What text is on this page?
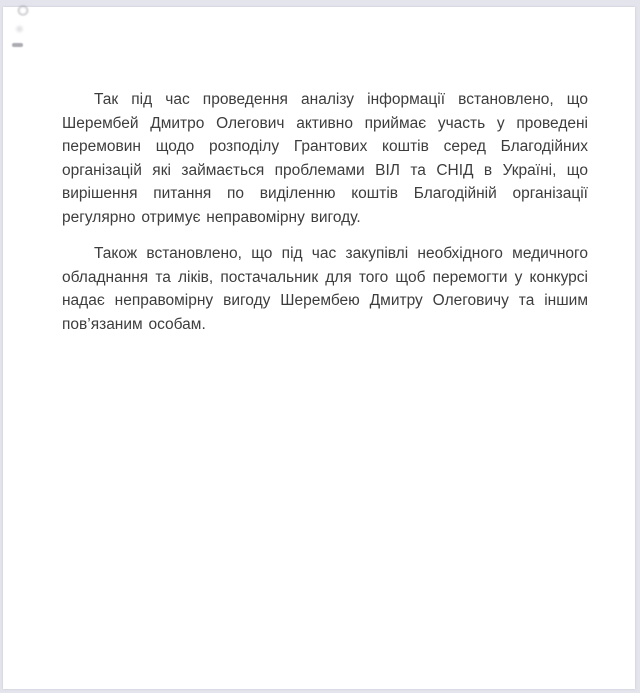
Так під час проведення аналізу інформації встановлено, що Шерембей Дмитро Олегович активно приймає участь у проведені перемовин щодо розподілу Грантових коштів серед Благодійних організацій які займається проблемами ВІЛ та СНІД в Україні, що вирішення питання по виділенню коштів Благодійній організації регулярно отримує неправомірну вигоду.

Також встановлено, що під час закупівлі необхідного медичного обладнання та ліків, постачальник для того щоб перемогти у конкурсі надає неправомірну вигоду Шерембею Дмитру Олеговичу та іншим пов’язаним особам.
